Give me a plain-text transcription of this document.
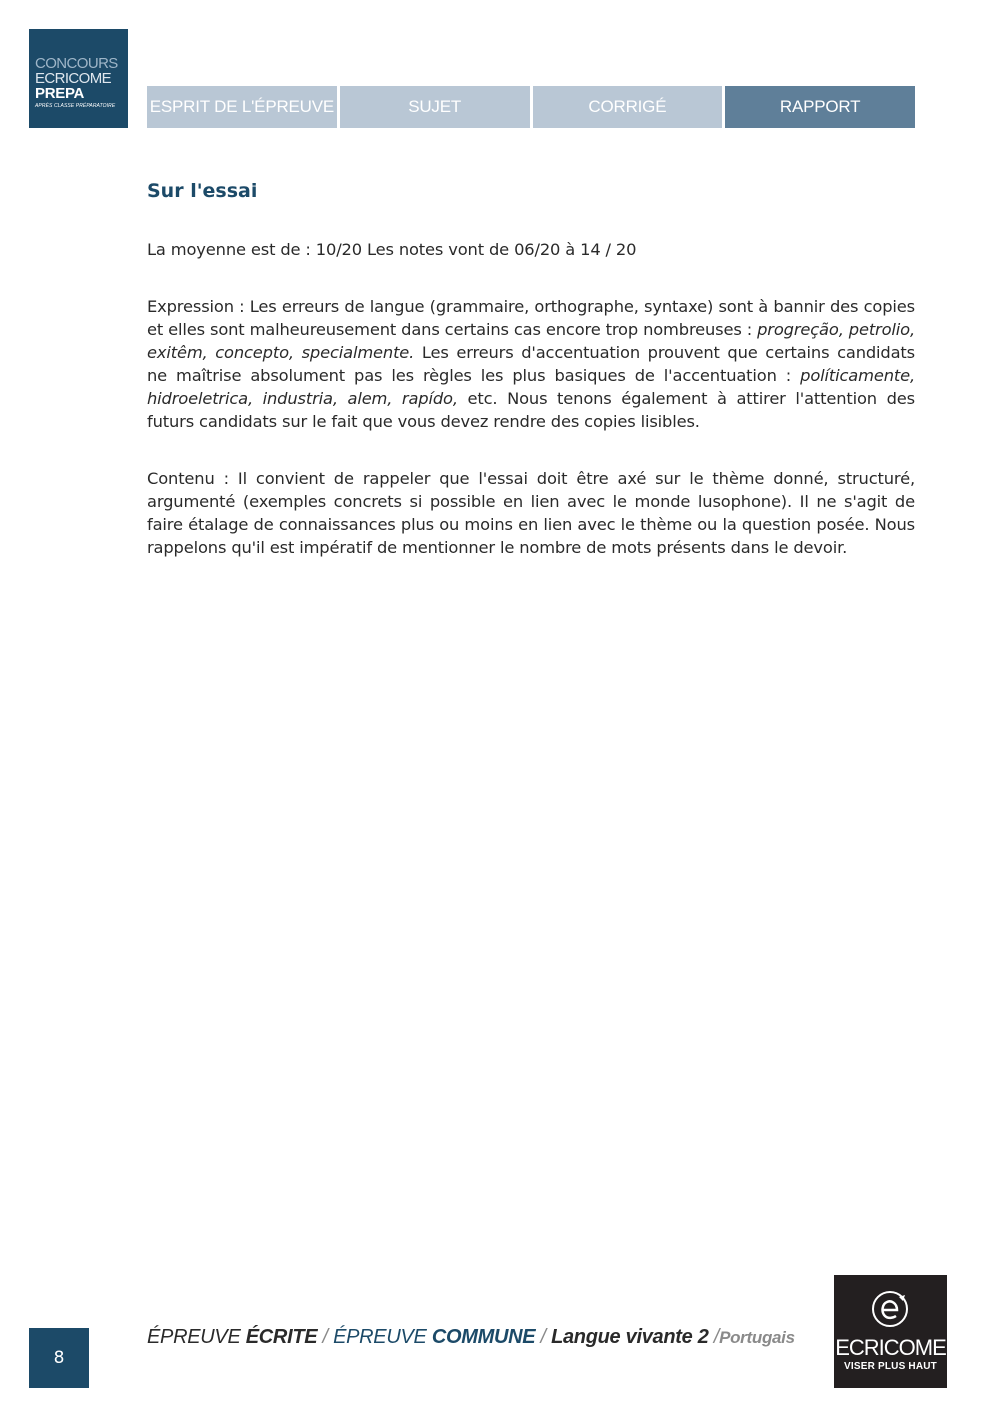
CONCOURS
ECRICOME
PREPA
APRÈS CLASSE PRÉPARATOIRE	ESPRIT DE L'ÉPREUVE	SUJET	CORRIGÉ	RAPPORT
Sur l'essai

La moyenne est de : 10/20 Les notes vont de 06/20 à 14 / 20

Expression : Les erreurs de langue (grammaire, orthographe, syntaxe) sont à bannir des copies et elles sont malheureusement dans certains cas encore trop nombreuses : progreção, petrolio, exitêm, concepto, specialmente. Les erreurs d'accentuation prouvent que certains candidats ne maîtrise absolument pas les règles les plus basiques de l'accentuation : políticamente, hidroeletrica, industria, alem, rapído, etc. Nous tenons également à attirer l'attention des futurs candidats sur le fait que vous devez rendre des copies lisibles.

Contenu : Il convient de rappeler que l'essai doit être axé sur le thème donné, structuré, argumenté (exemples concrets si possible en lien avec le monde lusophone). Il ne s'agit de faire étalage de connaissances plus ou moins en lien avec le thème ou la question posée. Nous rappelons qu'il est impératif de mentionner le nombre de mots présents dans le devoir.

8
ÉPREUVE ÉCRITE / ÉPREUVE COMMUNE / Langue vivante 2 /Portugais ECRICOME
VISER PLUS HAUT
